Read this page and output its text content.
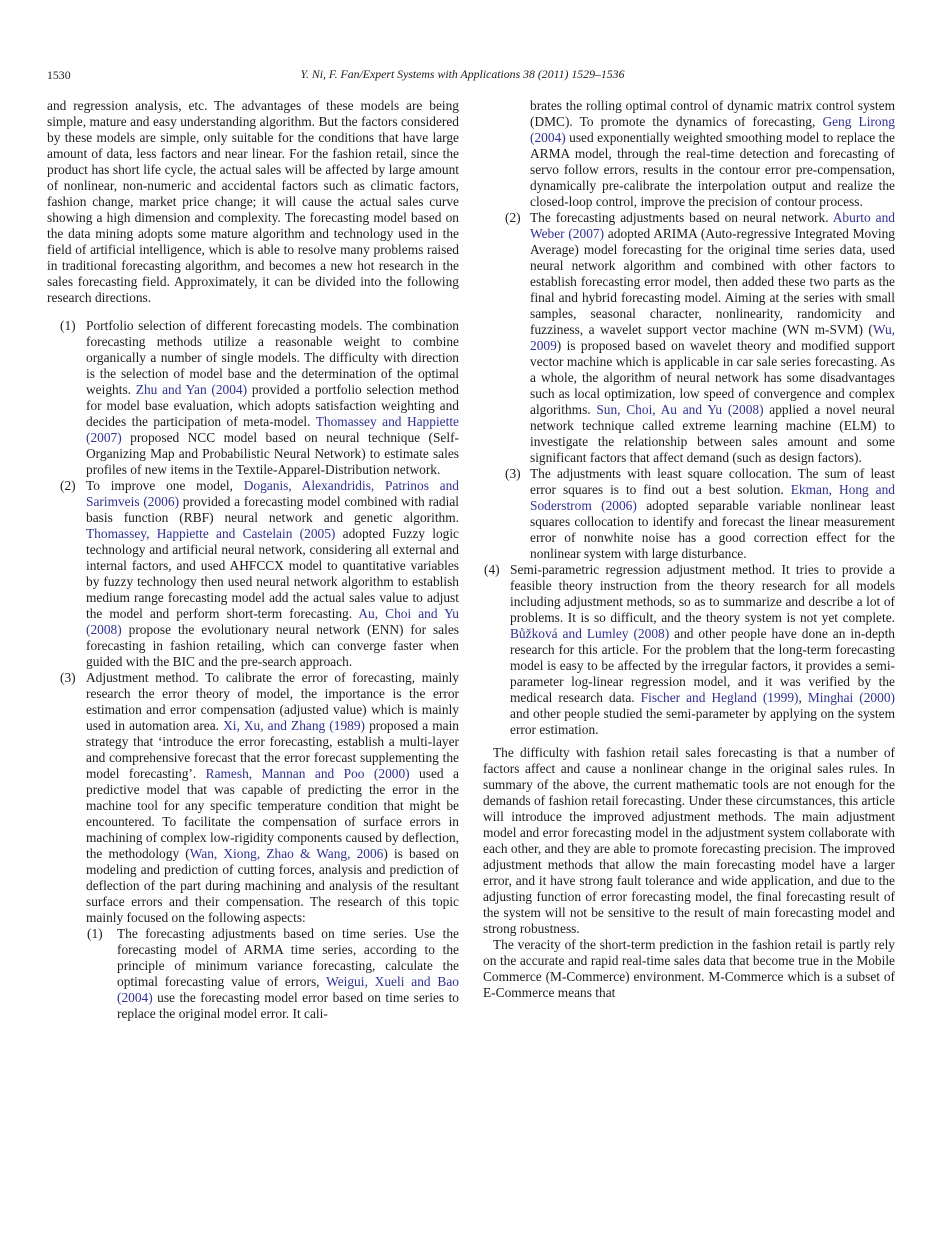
1530	Y. Ni, F. Fan/Expert Systems with Applications 38 (2011) 1529–1536

and regression analysis, etc. The advantages of these models are being simple, mature and easy understanding algorithm. But the factors considered by these models are simple, only suitable for the conditions that have large amount of data, less factors and near linear. For the fashion retail, since the product has short life cycle, the actual sales will be affected by large amount of nonlinear, non-numeric and accidental factors such as climatic factors, fashion change, market price change; it will cause the actual sales curve showing a high dimension and complexity. The forecasting model based on the data mining adopts some mature algorithm and technology used in the field of artificial intelligence, which is able to resolve many problems raised in traditional forecasting algorithm, and becomes a new hot research in the sales forecasting field. Approximately, it can be divided into the following research directions.

(1) Portfolio selection of different forecasting models. The combination forecasting methods utilize a reasonable weight to combine organically a number of single models. The difficulty with direction is the selection of model base and the determination of the optimal weights. Zhu and Yan (2004) provided a portfolio selection method for model base evaluation, which adopts satisfaction weighting and decides the participation of meta-model. Thomassey and Happiette (2007) proposed NCC model based on neural technique (Self-Organizing Map and Probabilistic Neural Network) to estimate sales profiles of new items in the Textile-Apparel-Distribution network.
(2) To improve one model, Doganis, Alexandridis, Patrinos and Sarimveis (2006) provided a forecasting model combined with radial basis function (RBF) neural network and genetic algorithm. Thomassey, Happiette and Castelain (2005) adopted Fuzzy logic technology and artificial neural network, considering all external and internal factors, and used AHFCCX model to quantitative variables by fuzzy technology then used neural network algorithm to establish medium range forecasting model add the actual sales value to adjust the model and perform short-term forecasting. Au, Choi and Yu (2008) propose the evolutionary neural network (ENN) for sales forecasting in fashion retailing, which can converge faster when guided with the BIC and the pre-search approach.
(3) Adjustment method. To calibrate the error of forecasting, mainly research the error theory of model, the importance is the error estimation and error compensation (adjusted value) which is mainly used in automation area. Xi, Xu, and Zhang (1989) proposed a main strategy that ‘introduce the error forecasting, establish a multi-layer and comprehensive forecast that the error forecast supplementing the model forecasting’. Ramesh, Mannan and Poo (2000) used a predictive model that was capable of predicting the error in the machine tool for any specific temperature condition that might be encountered. To facilitate the compensation of surface errors in machining of complex low-rigidity components caused by deflection, the methodology (Wan, Xiong, Zhao & Wang, 2006) is based on modeling and prediction of cutting forces, analysis and prediction of deflection of the part during machining and analysis of the resultant surface errors and their compensation. The research of this topic mainly focused on the following aspects:
(1) The forecasting adjustments based on time series. Use the forecasting model of ARMA time series, according to the principle of minimum variance forecasting, calculate the optimal forecasting value of errors, Weigui, Xueli and Bao (2004) use the forecasting model error based on time series to replace the original model error. It cali-
brates the rolling optimal control of dynamic matrix control system (DMC). To promote the dynamics of forecasting, Geng Lirong (2004) used exponentially weighted smoothing model to replace the ARMA model, through the real-time detection and forecasting of servo follow errors, results in the contour error pre-compensation, dynamically pre-calibrate the interpolation output and realize the closed-loop control, improve the precision of contour process.
(2) The forecasting adjustments based on neural network. Aburto and Weber (2007) adopted ARIMA (Auto-regressive Integrated Moving Average) model forecasting for the original time series data, used neural network algorithm and combined with other factors to establish forecasting error model, then added these two parts as the final and hybrid forecasting model. Aiming at the series with small samples, seasonal character, nonlinearity, randomicity and fuzziness, a wavelet support vector machine (WN m-SVM) (Wu, 2009) is proposed based on wavelet theory and modified support vector machine which is applicable in car sale series forecasting. As a whole, the algorithm of neural network has some disadvantages such as local optimization, low speed of convergence and complex algorithms. Sun, Choi, Au and Yu (2008) applied a novel neural network technique called extreme learning machine (ELM) to investigate the relationship between sales amount and some significant factors that affect demand (such as design factors).
(3) The adjustments with least square collocation. The sum of least error squares is to find out a best solution. Ekman, Hong and Soderstrom (2006) adopted separable variable nonlinear least squares collocation to identify and forecast the linear measurement error of nonwhite noise has a good correction effect for the nonlinear system with large disturbance.
(4) Semi-parametric regression adjustment method. It tries to provide a feasible theory instruction from the theory research for all models including adjustment methods, so as to summarize and describe a lot of problems. It is so difficult, and the theory system is not yet complete. Bůžková and Lumley (2008) and other people have done an in-depth research for this article. For the problem that the long-term forecasting model is easy to be affected by the irregular factors, it provides a semi-parameter log-linear regression model, and it was verified by the medical research data. Fischer and Hegland (1999), Minghai (2000) and other people studied the semi-parameter by applying on the system error estimation.

The difficulty with fashion retail sales forecasting is that a number of factors affect and cause a nonlinear change in the original sales rules. In summary of the above, the current mathematic tools are not enough for the demands of fashion retail forecasting. Under these circumstances, this article will introduce the improved adjustment methods. The main adjustment model and error forecasting model in the adjustment system collaborate with each other, and they are able to promote forecasting precision. The improved adjustment methods that allow the main forecasting model have a larger error, and it have strong fault tolerance and wide application, and due to the adjusting function of error forecasting model, the final forecasting result of the system will not be sensitive to the result of main forecasting model and strong robustness.

The veracity of the short-term prediction in the fashion retail is partly rely on the accurate and rapid real-time sales data that become true in the Mobile Commerce (M-Commerce) environment. M-Commerce which is a subset of E-Commerce means that
